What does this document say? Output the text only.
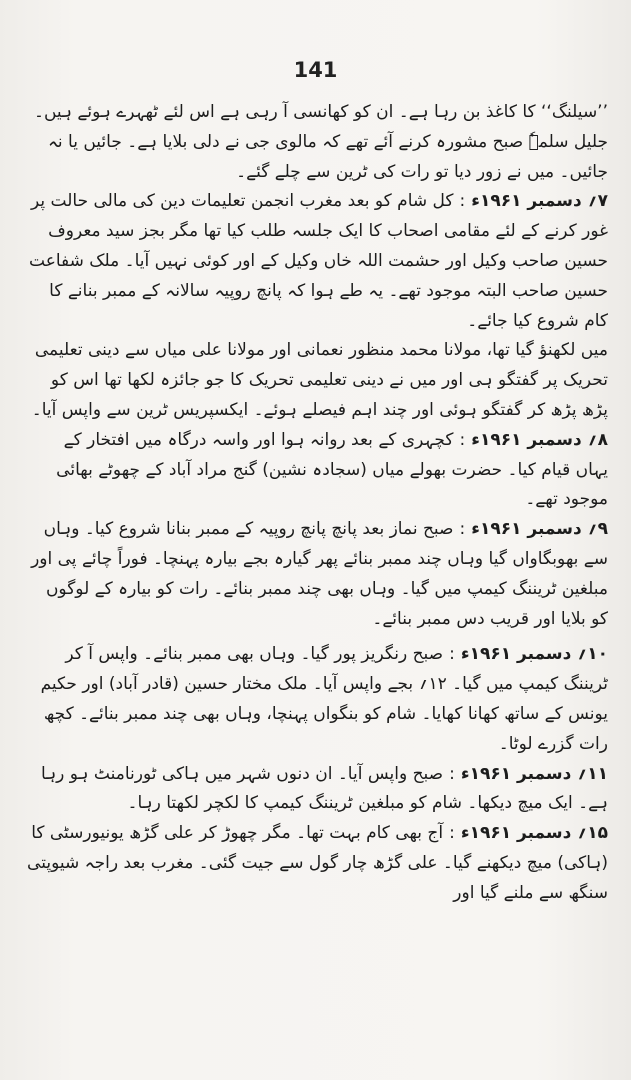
141

’’سیلنگ‘‘ کا کاغذ بن رہا ہے۔ ان کو کھانسی آ رہی ہے اس لئے ٹھہرے ہوئے ہیں۔ جلیل سلمہٗ صبح مشورہ کرنے آئے تھے کہ مالوی جی نے دلی بلایا ہے۔ جائیں یا نہ جائیں۔ میں نے زور دیا تو رات کی ٹرین سے چلے گئے۔

۷؍ دسمبر ۱۹۶۱ء:کل شام کو بعد مغرب انجمن تعلیمات دین کی مالی حالت پر غور کرنے کے لئے مقامی اصحاب کا ایک جلسہ طلب کیا تھا مگر بجز سید معروف حسین صاحب وکیل اور حشمت اللہ خاں وکیل کے اور کوئی نہیں آیا۔ ملک شفاعت حسین صاحب البتہ موجود تھے۔ یہ طے ہوا کہ پانچ روپیہ سالانہ کے ممبر بنانے کا کام شروع کیا جائے۔

میں لکھنؤ گیا تھا، مولانا محمد منظور نعمانی اور مولانا علی میاں سے دینی تعلیمی تحریک پر گفتگو ہی اور میں نے دینی تعلیمی تحریک کا جو جائزہ لکھا تھا اس کو پڑھ پڑھ کر گفتگو ہوئی اور چند اہم فیصلے ہوئے۔ ایکسپریس ٹرین سے واپس آیا۔

۸؍ دسمبر ۱۹۶۱ء:کچہری کے بعد روانہ ہوا اور واسہ درگاہ میں افتخار کے یہاں قیام کیا۔ حضرت بھولے میاں (سجادہ نشین) گنج مراد آباد کے چھوٹے بھائی موجود تھے۔

۹؍ دسمبر ۱۹۶۱ء:صبح نماز بعد پانچ پانچ روپیہ کے ممبر بنانا شروع کیا۔ وہاں سے بھوبگاواں گیا وہاں چند ممبر بنائے پھر گیارہ بجے بیارہ پہنچا۔ فوراً چائے پی اور مبلغین ٹریننگ کیمپ میں گیا۔ وہاں بھی چند ممبر بنائے۔ رات کو بیارہ کے لوگوں کو بلایا اور قریب دس ممبر بنائے۔

۱۰؍ دسمبر ۱۹۶۱ء:صبح رنگریز پور گیا۔ وہاں بھی ممبر بنائے۔ واپس آ کر ٹریننگ کیمپ میں گیا۔ ۱۲؍ بجے واپس آیا۔ ملک مختار حسین (قادر آباد) اور حکیم یونس کے ساتھ کھانا کھایا۔ شام کو بنگواں پہنچا، وہاں بھی چند ممبر بنائے۔ کچھ رات گزرے لوٹا۔

۱۱؍ دسمبر ۱۹۶۱ء:صبح واپس آیا۔ ان دنوں شہر میں ہاکی ٹورنامنٹ ہو رہا ہے۔ ایک میچ دیکھا۔ شام کو مبلغین ٹریننگ کیمپ کا لکچر لکھتا رہا۔

۱۵؍ دسمبر ۱۹۶۱ء:آج بھی کام بہت تھا۔ مگر چھوڑ کر علی گڑھ یونیورسٹی کا (ہاکی) میچ دیکھنے گیا۔ علی گڑھ چار گول سے جیت گئی۔ مغرب بعد راجہ شیوپتی سنگھ سے ملنے گیا اور
